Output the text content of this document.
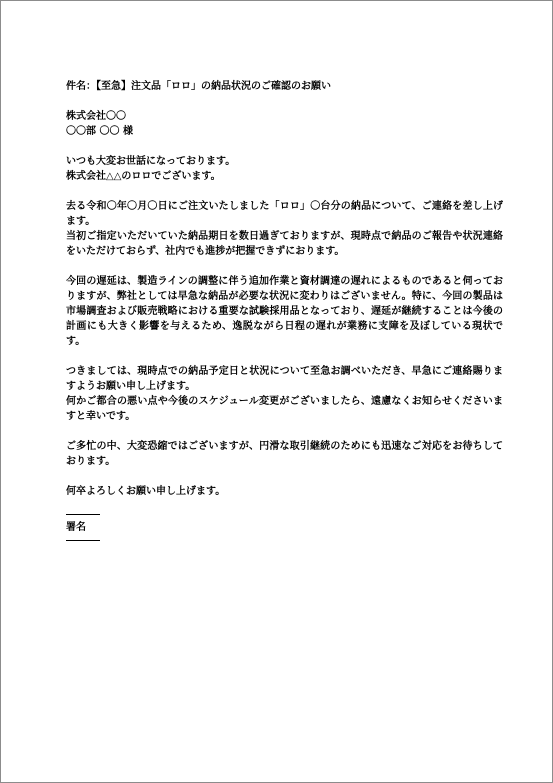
件名：【至急】注文品「ロロ」の納品状況のご確認のお願い

株式会社〇〇

〇〇部 〇〇 様

いつも大変お世話になっております。

株式会社△△のロロでございます。

去る令和〇年〇月〇日にご注文いたしました「ロロ」〇台分の納品について、ご連絡を差し上げます。

当初ご指定いただいていた納品期日を数日過ぎておりますが、現時点で納品のご報告や状況連絡をいただけておらず、社内でも進捗が把握できずにおります。

今回の遅延は、製造ラインの調整に伴う追加作業と資材調達の遅れによるものであると伺っておりますが、弊社としては早急な納品が必要な状況に変わりはございません。特に、今回の製品は市場調査および販売戦略における重要な試験採用品となっており、遅延が継続することは今後の計画にも大きく影響を与えるため、逸脱ながら日程の遅れが業務に支障を及ぼしている現状です。

つきましては、現時点での納品予定日と状況について至急お調べいただき、早急にご連絡賜りますようお願い申し上げます。

何かご都合の悪い点や今後のスケジュール変更がございましたら、遠慮なくお知らせくださいますと幸いです。

ご多忙の中、大変恐縮ではございますが、円滑な取引継続のためにも迅速なご対応をお待ちしております。

何卒よろしくお願い申し上げます。

署名
